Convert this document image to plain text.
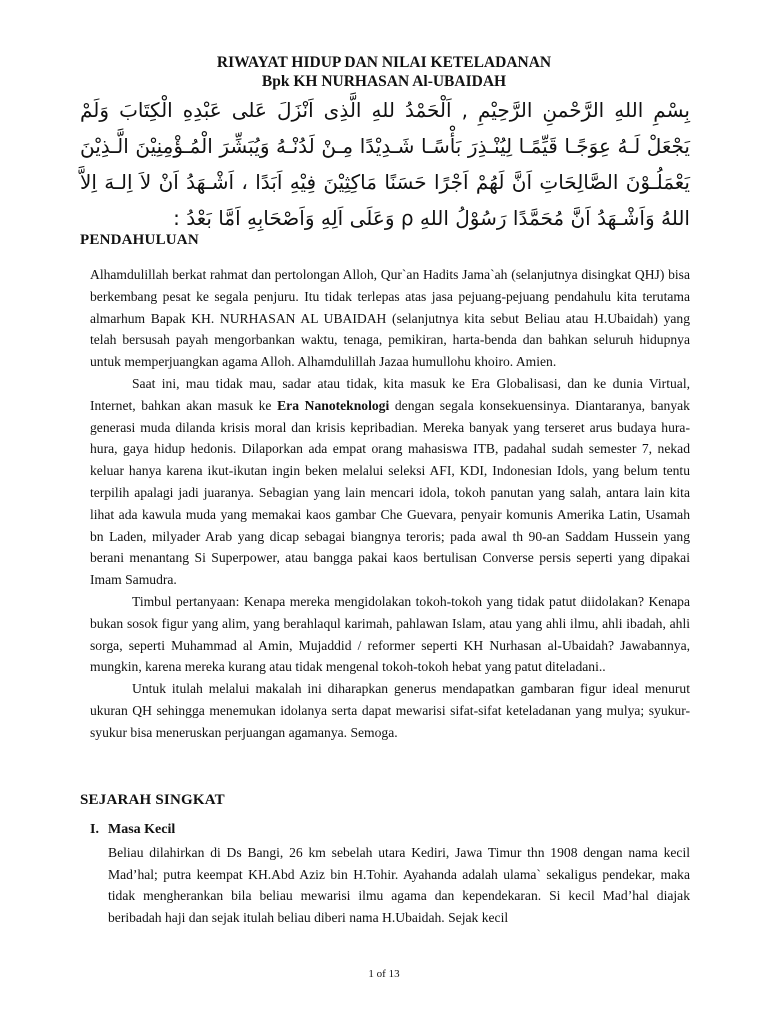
RIWAYAT HIDUP DAN NILAI KETELADANAN
Bpk KH NURHASAN Al-UBAIDAH
بِسْمِ اللهِ الرَّحْمنِ الرَّحِيْمِ , اَلْحَمْدُ للهِ الَّذِى اَنْزَلَ عَلى عَبْدِهِ الْكِتَابَ وَلَمْ يَجْعَلْ لَـهُ عِوَجًـا قَيِّمًـا لِيُنْـذِرَ بَأْسًـا شَـدِيْدًا مِـنْ لَدُنْـهُ وَيُبَشِّرَ الْمُـؤْمِنِيْنَ الَّـذِيْنَ يَعْمَلُـوْنَ الصَّالِحَاتِ اَنَّ لَهُمْ اَجْرًا حَسَنًا مَاكِثِيْنَ فِيْهِ اَبَدًا ، اَشْـهَدُ اَنْ لاَ اِلـهَ اِلاَّ اللهُ وَاَشْـهَدُ اَنَّ مُحَمَّدًا رَسُوْلُ اللهِ ρ وَعَلَى اَلِهِ وَاَصْحَابِهِ اَمَّا بَعْدُ :
PENDAHULUAN

Alhamdulillah berkat rahmat dan pertolongan Alloh, Qur`an Hadits Jama`ah (selanjutnya disingkat QHJ) bisa berkembang pesat ke segala penjuru. Itu tidak terlepas atas jasa pejuang-pejuang pendahulu kita terutama almarhum Bapak KH. NURHASAN AL UBAIDAH (selanjutnya kita sebut Beliau atau H.Ubaidah) yang telah bersusah payah mengorbankan waktu, tenaga, pemikiran, harta-benda dan bahkan seluruh hidupnya untuk memperjuangkan agama Alloh. Alhamdulillah Jazaa humullohu khoiro. Amien.

Saat ini, mau tidak mau, sadar atau tidak, kita masuk ke Era Globalisasi, dan ke dunia Virtual, Internet, bahkan akan masuk ke Era Nanoteknologi dengan segala konsekuensinya. Diantaranya, banyak generasi muda dilanda krisis moral dan krisis kepribadian. Mereka banyak yang terseret arus budaya hura-hura, gaya hidup hedonis. Dilaporkan ada empat orang mahasiswa ITB, padahal sudah semester 7, nekad keluar hanya karena ikut-ikutan ingin beken melalui seleksi AFI, KDI, Indonesian Idols, yang belum tentu terpilih apalagi jadi juaranya. Sebagian yang lain mencari idola, tokoh panutan yang salah, antara lain kita lihat ada kawula muda yang memakai kaos gambar Che Guevara, penyair komunis Amerika Latin, Usamah bn Laden, milyader Arab yang dicap sebagai biangnya teroris; pada awal th 90-an Saddam Hussein yang berani menantang Si Superpower, atau bangga pakai kaos bertulisan Converse persis seperti yang dipakai Imam Samudra.

Timbul pertanyaan: Kenapa mereka mengidolakan tokoh-tokoh yang tidak patut diidolakan? Kenapa bukan sosok figur yang alim, yang berahlaqul karimah, pahlawan Islam, atau yang ahli ilmu, ahli ibadah, ahli sorga, seperti Muhammad al Amin, Mujaddid / reformer seperti KH Nurhasan al-Ubaidah? Jawabannya, mungkin, karena mereka kurang atau tidak mengenal tokoh-tokoh hebat yang patut diteladani..

Untuk itulah melalui makalah ini diharapkan generus mendapatkan gambaran figur ideal menurut ukuran QH sehingga menemukan idolanya serta dapat mewarisi sifat-sifat keteladanan yang mulya; syukur-syukur bisa meneruskan perjuangan agamanya. Semoga.

SEJARAH SINGKAT
I. Masa Kecil

Beliau dilahirkan di Ds Bangi, 26 km sebelah utara Kediri, Jawa Timur thn 1908 dengan nama kecil Mad’hal; putra keempat KH.Abd Aziz bin H.Tohir. Ayahanda adalah ulama` sekaligus pendekar, maka tidak mengherankan bila beliau mewarisi ilmu agama dan kependekaran. Si kecil Mad’hal diajak beribadah haji dan sejak itulah beliau diberi nama H.Ubaidah. Sejak kecil

1 of 13
